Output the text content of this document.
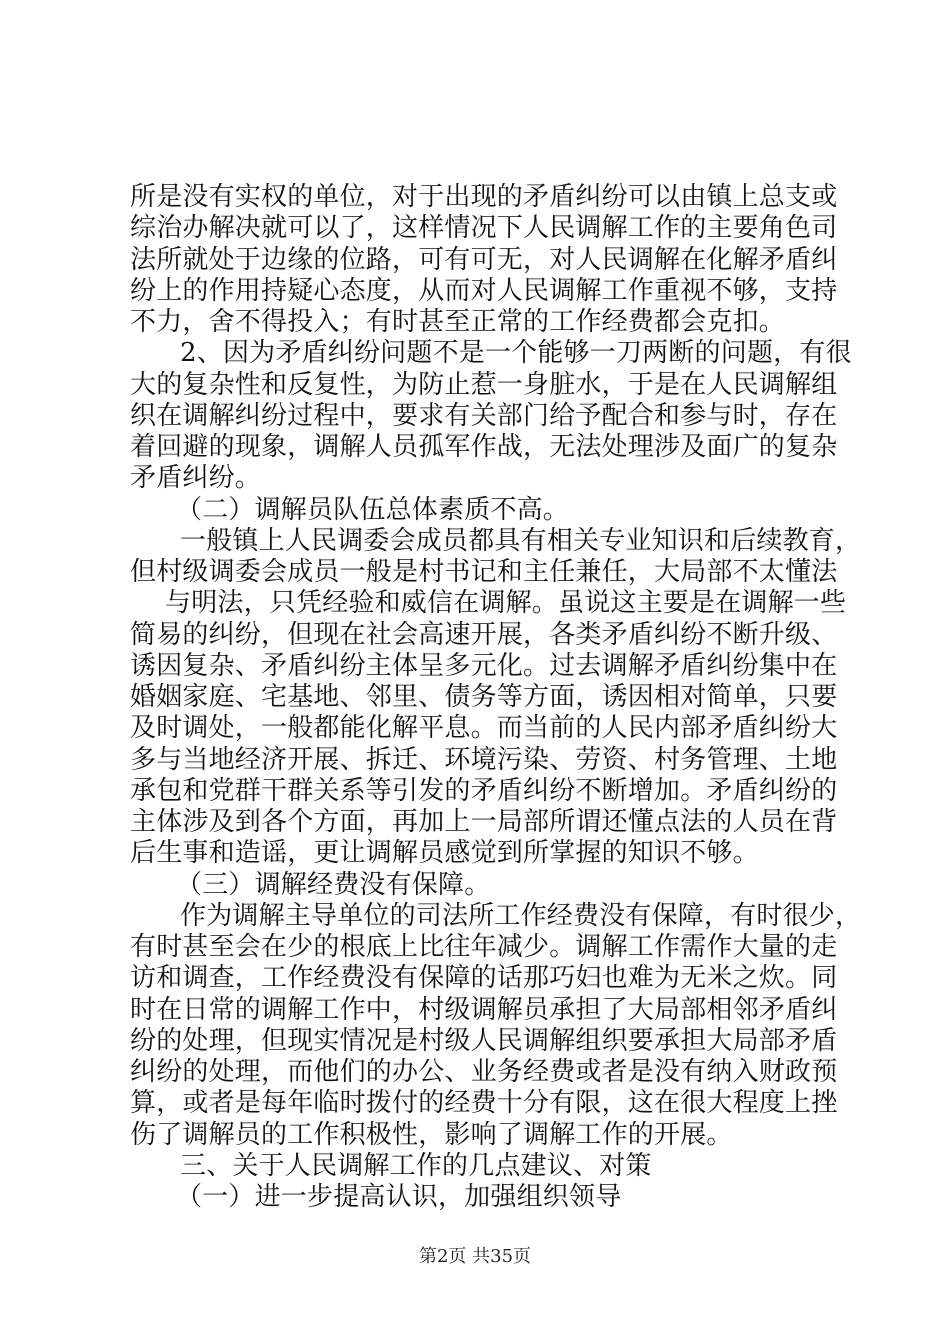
所是没有实权的单位，对于出现的矛盾纠纷可以由镇上总支或
综治办解决就可以了，这样情况下人民调解工作的主要角色司
法所就处于边缘的位路，可有可无，对人民调解在化解矛盾纠
纷上的作用持疑心态度，从而对人民调解工作重视不够，支持
不力，舍不得投入；有时甚至正常的工作经费都会克扣。
2、因为矛盾纠纷问题不是一个能够一刀两断的问题，有很
大的复杂性和反复性，为防止惹一身脏水，于是在人民调解组
织在调解纠纷过程中，要求有关部门给予配合和参与时，存在
着回避的现象，调解人员孤军作战，无法处理涉及面广的复杂
矛盾纠纷。
（二）调解员队伍总体素质不高。
一般镇上人民调委会成员都具有相关专业知识和后续教育，
但村级调委会成员一般是村书记和主任兼任，大局部不太懂法
与明法，只凭经验和威信在调解。虽说这主要是在调解一些
简易的纠纷，但现在社会高速开展，各类矛盾纠纷不断升级、
诱因复杂、矛盾纠纷主体呈多元化。过去调解矛盾纠纷集中在
婚姻家庭、宅基地、邻里、债务等方面，诱因相对简单，只要
及时调处，一般都能化解平息。而当前的人民内部矛盾纠纷大
多与当地经济开展、拆迁、环境污染、劳资、村务管理、土地
承包和党群干群关系等引发的矛盾纠纷不断增加。矛盾纠纷的
主体涉及到各个方面，再加上一局部所谓还懂点法的人员在背
后生事和造谣，更让调解员感觉到所掌握的知识不够。
（三）调解经费没有保障。
作为调解主导单位的司法所工作经费没有保障，有时很少，
有时甚至会在少的根底上比往年减少。调解工作需作大量的走
访和调查，工作经费没有保障的话那巧妇也难为无米之炊。同
时在日常的调解工作中，村级调解员承担了大局部相邻矛盾纠
纷的处理，但现实情况是村级人民调解组织要承担大局部矛盾
纠纷的处理，而他们的办公、业务经费或者是没有纳入财政预
算，或者是每年临时拨付的经费十分有限，这在很大程度上挫
伤了调解员的工作积极性，影响了调解工作的开展。
三、关于人民调解工作的几点建议、对策
（一）进一步提高认识，加强组织领导
第2页 共35页
